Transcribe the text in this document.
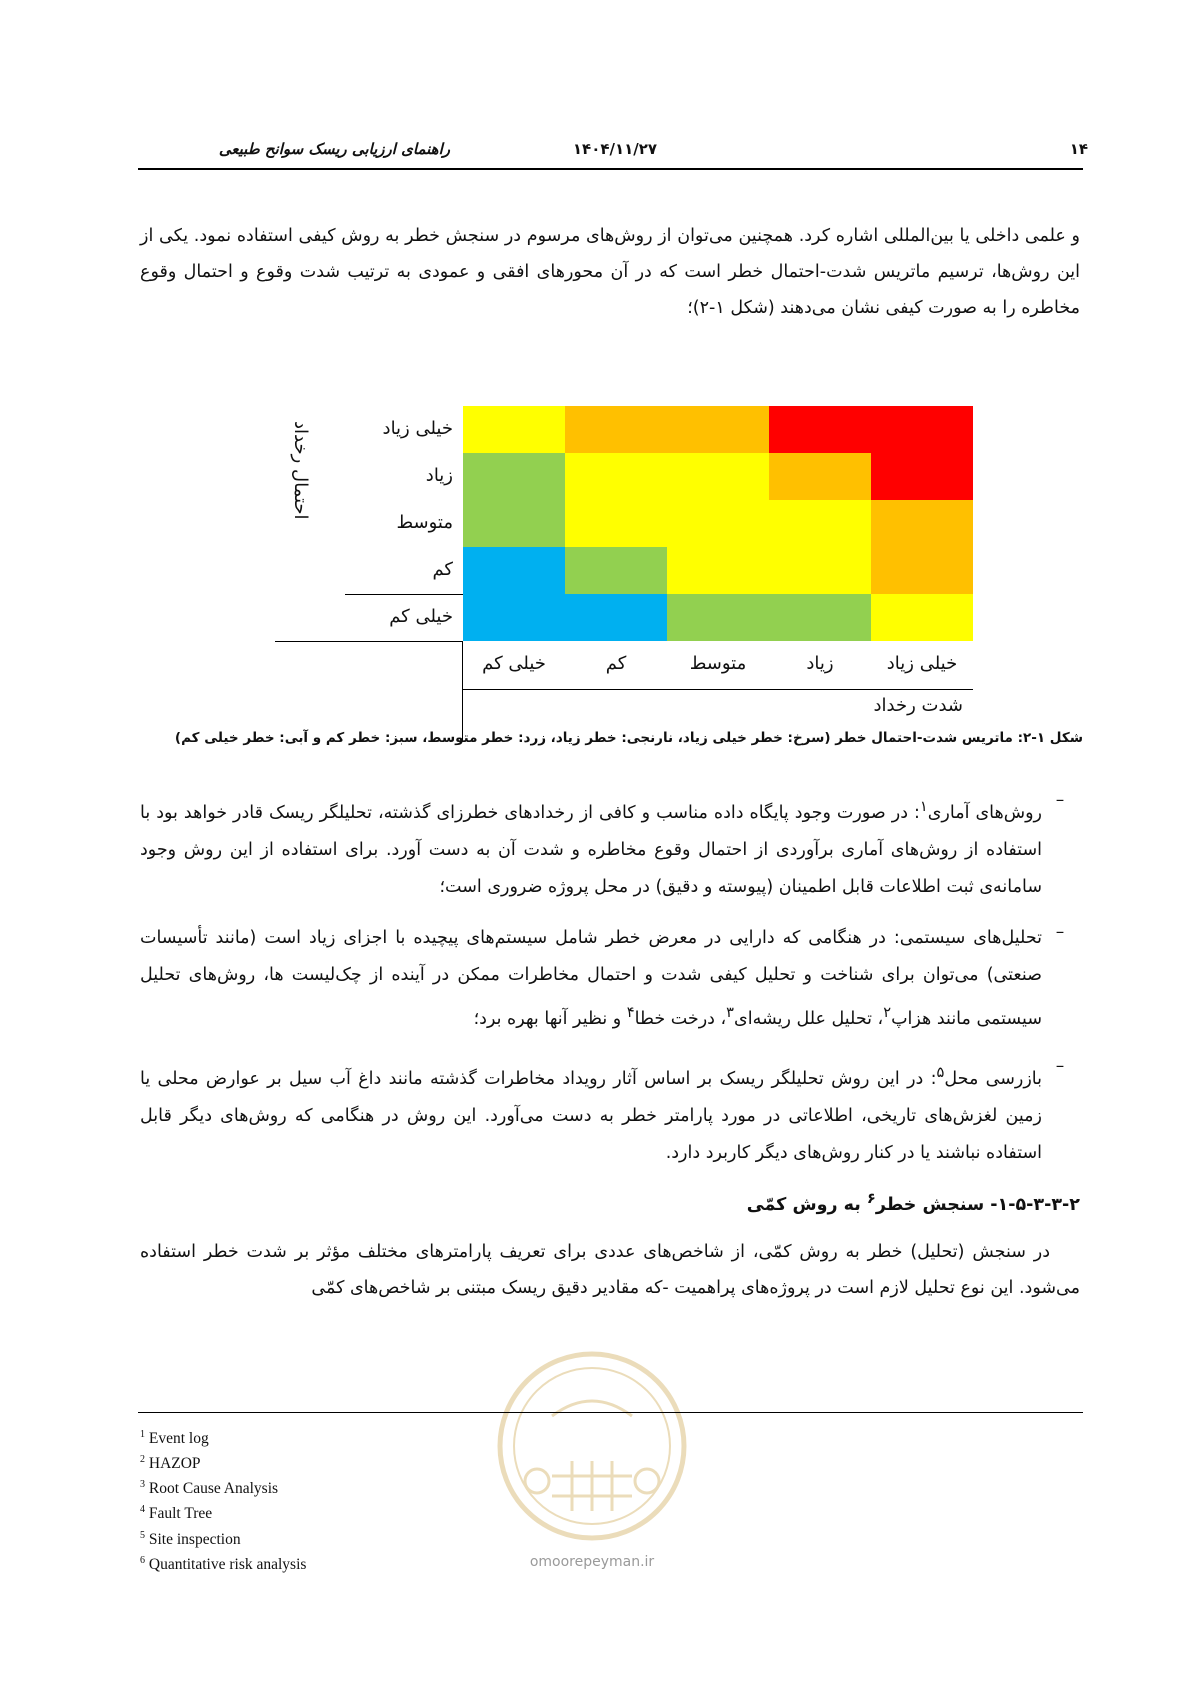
۱۴
۱۴۰۴/۱۱/۲۷
راهنمای ارزیابی ریسک سوانح طبیعی
و علمی داخلی یا بین‌المللی اشاره کرد. همچنین می‌توان از روش‌های مرسوم در سنجش خطر به روش کیفی استفاده نمود. یکی از این روش‌ها، ترسیم ماتریس شدت-احتمال خطر است که در آن محورهای افقی و عمودی به ترتیب شدت وقوع و احتمال وقوع مخاطره را به صورت کیفی نشان می‌دهند (شکل ۱-۲)؛
خیلی زیاد
زیاد
متوسط
کم
خیلی کم
خیلی کم	کم	متوسط	زیاد	خیلی زیاد
احتمال رخداد
شدت رخداد
شکل ۱-۲: ماتریس شدت-احتمال خطر (سرخ: خطر خیلی زیاد، نارنجی: خطر زیاد، زرد: خطر متوسط، سبز: خطر کم و آبی: خطر خیلی کم)
–
روش‌های آماری$^۱$: در صورت وجود پایگاه داده مناسب و کافی از رخدادهای خطرزای گذشته، تحلیلگر ریسک قادر خواهد بود با استفاده از روش‌های آماری برآوردی از احتمال وقوع مخاطره و شدت آن به دست آورد. برای استفاده از این روش وجود سامانه‌ی ثبت اطلاعات قابل اطمینان (پیوسته و دقیق) در محل پروژه ضروری است؛
–
تحلیل‌های سیستمی: در هنگامی که دارایی در معرض خطر شامل سیستم‌های پیچیده با اجزای زیاد است (مانند تأسیسات صنعتی) می‌توان برای شناخت و تحلیل کیفی شدت و احتمال مخاطرات ممکن در آینده از چک‌لیست ها، روش‌های تحلیل سیستمی مانند هزاپ$^۲$، تحلیل علل ریشه‌ای$^۳$، درخت خطا$^۴$ و نظیر آنها بهره برد؛
–
بازرسی محل$^۵$: در این روش تحلیلگر ریسک بر اساس آثار رویداد مخاطرات گذشته مانند داغ آب سیل بر عوارض محلی یا زمین لغزش‌های تاریخی، اطلاعاتی در مورد پارامتر خطر به دست می‌آورد. این روش در هنگامی که روش‌های دیگر قابل استفاده نباشند یا در کنار روش‌های دیگر کاربرد دارد.
۱-۵-۳-۳-۲- سنجش خطر$^۶$ به روش کمّی
در سنجش (تحلیل) خطر به روش کمّی، از شاخص‌های عددی برای تعریف پارامترهای مختلف مؤثر بر شدت خطر استفاده می‌شود. این نوع تحلیل لازم است در پروژه‌های پراهمیت -که مقادیر دقیق ریسک مبتنی بر شاخص‌های کمّی
omoorepeyman.ir
$^1$ Event log
$^2$ HAZOP
$^3$ Root Cause Analysis
$^4$ Fault Tree
$^5$ Site inspection
$^6$ Quantitative risk analysis
